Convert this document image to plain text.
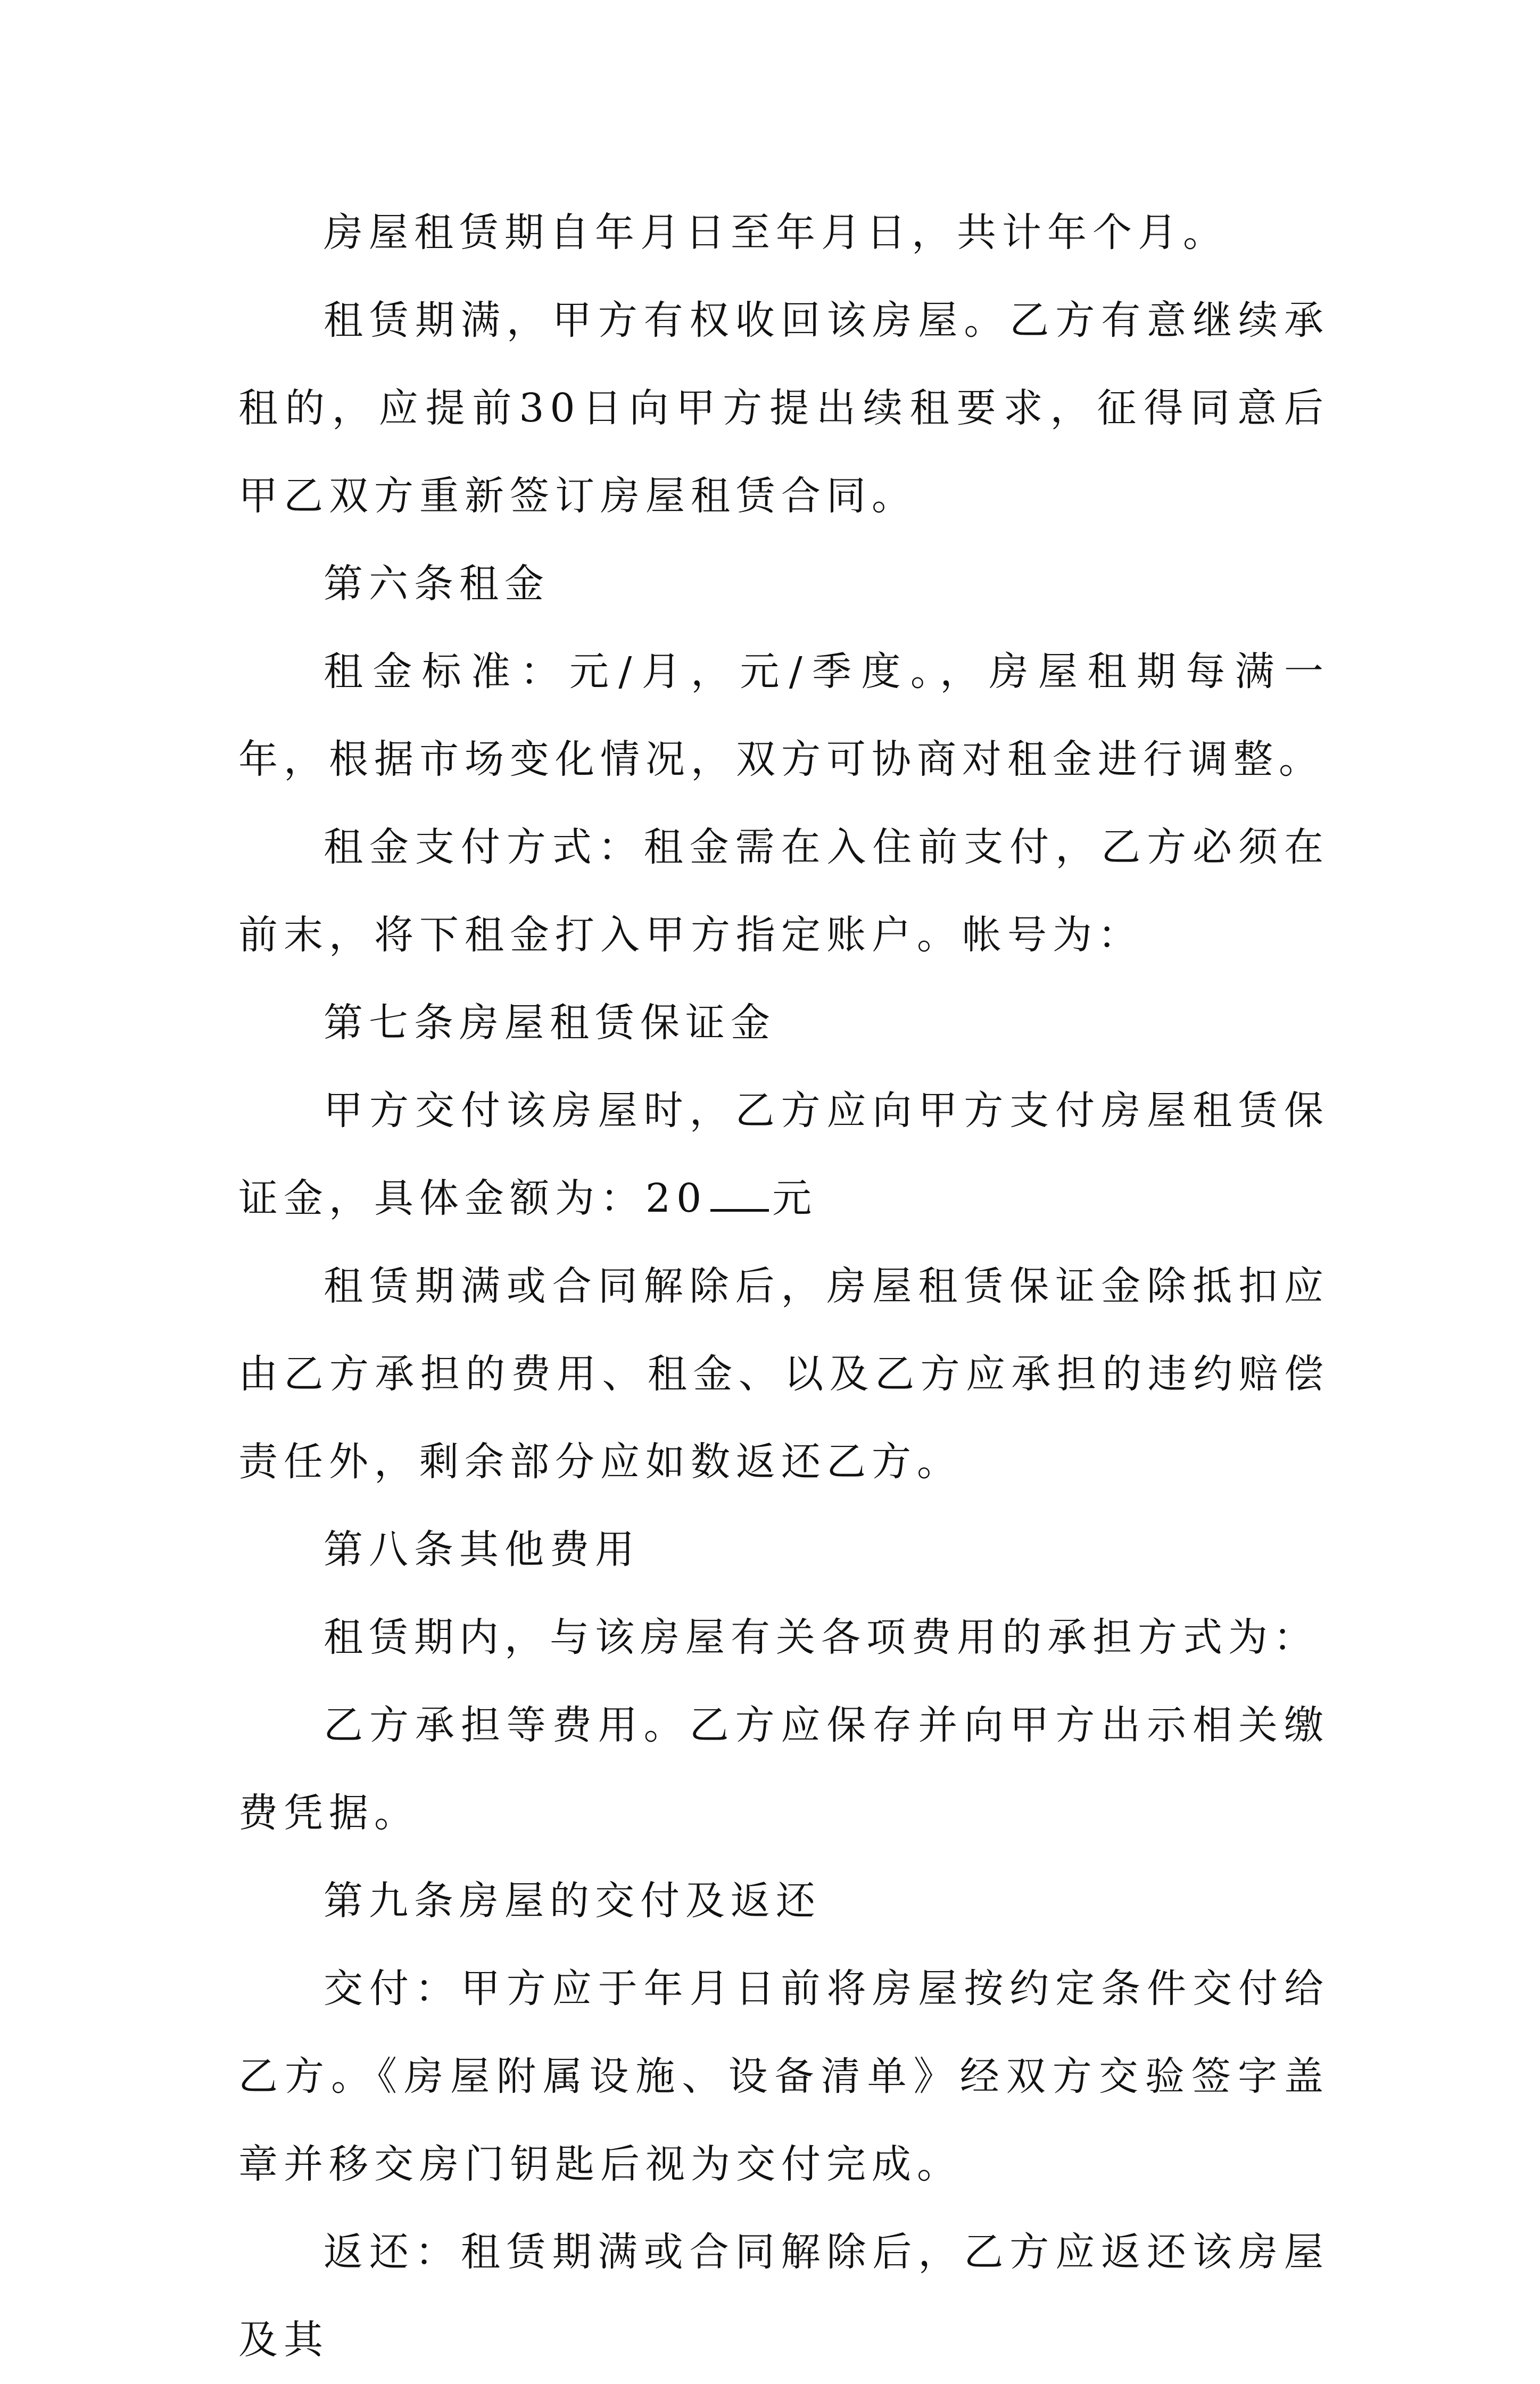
房屋租赁期自年月日至年月日，共计年个月。

租赁期满，甲方有权收回该房屋。乙方有意继续承租的，应提前30日向甲方提出续租要求，征得同意后甲乙双方重新签订房屋租赁合同。

第六条租金

租金标准：元/月，元/季度。，房屋租期每满一年，根据市场变化情况，双方可协商对租金进行调整。

租金支付方式：租金需在入住前支付，乙方必须在前末，将下租金打入甲方指定账户。帐号为：

第七条房屋租赁保证金

甲方交付该房屋时，乙方应向甲方支付房屋租赁保证金，具体金额为：20 元

租赁期满或合同解除后，房屋租赁保证金除抵扣应由乙方承担的费用、租金、以及乙方应承担的违约赔偿责任外，剩余部分应如数返还乙方。

第八条其他费用

租赁期内，与该房屋有关各项费用的承担方式为：

乙方承担等费用。乙方应保存并向甲方出示相关缴费凭据。

第九条房屋的交付及返还

交付：甲方应于年月日前将房屋按约定条件交付给乙方。《房屋附属设施、设备清单》经双方交验签字盖章并移交房门钥匙后视为交付完成。

返还：租赁期满或合同解除后，乙方应返还该房屋及其
